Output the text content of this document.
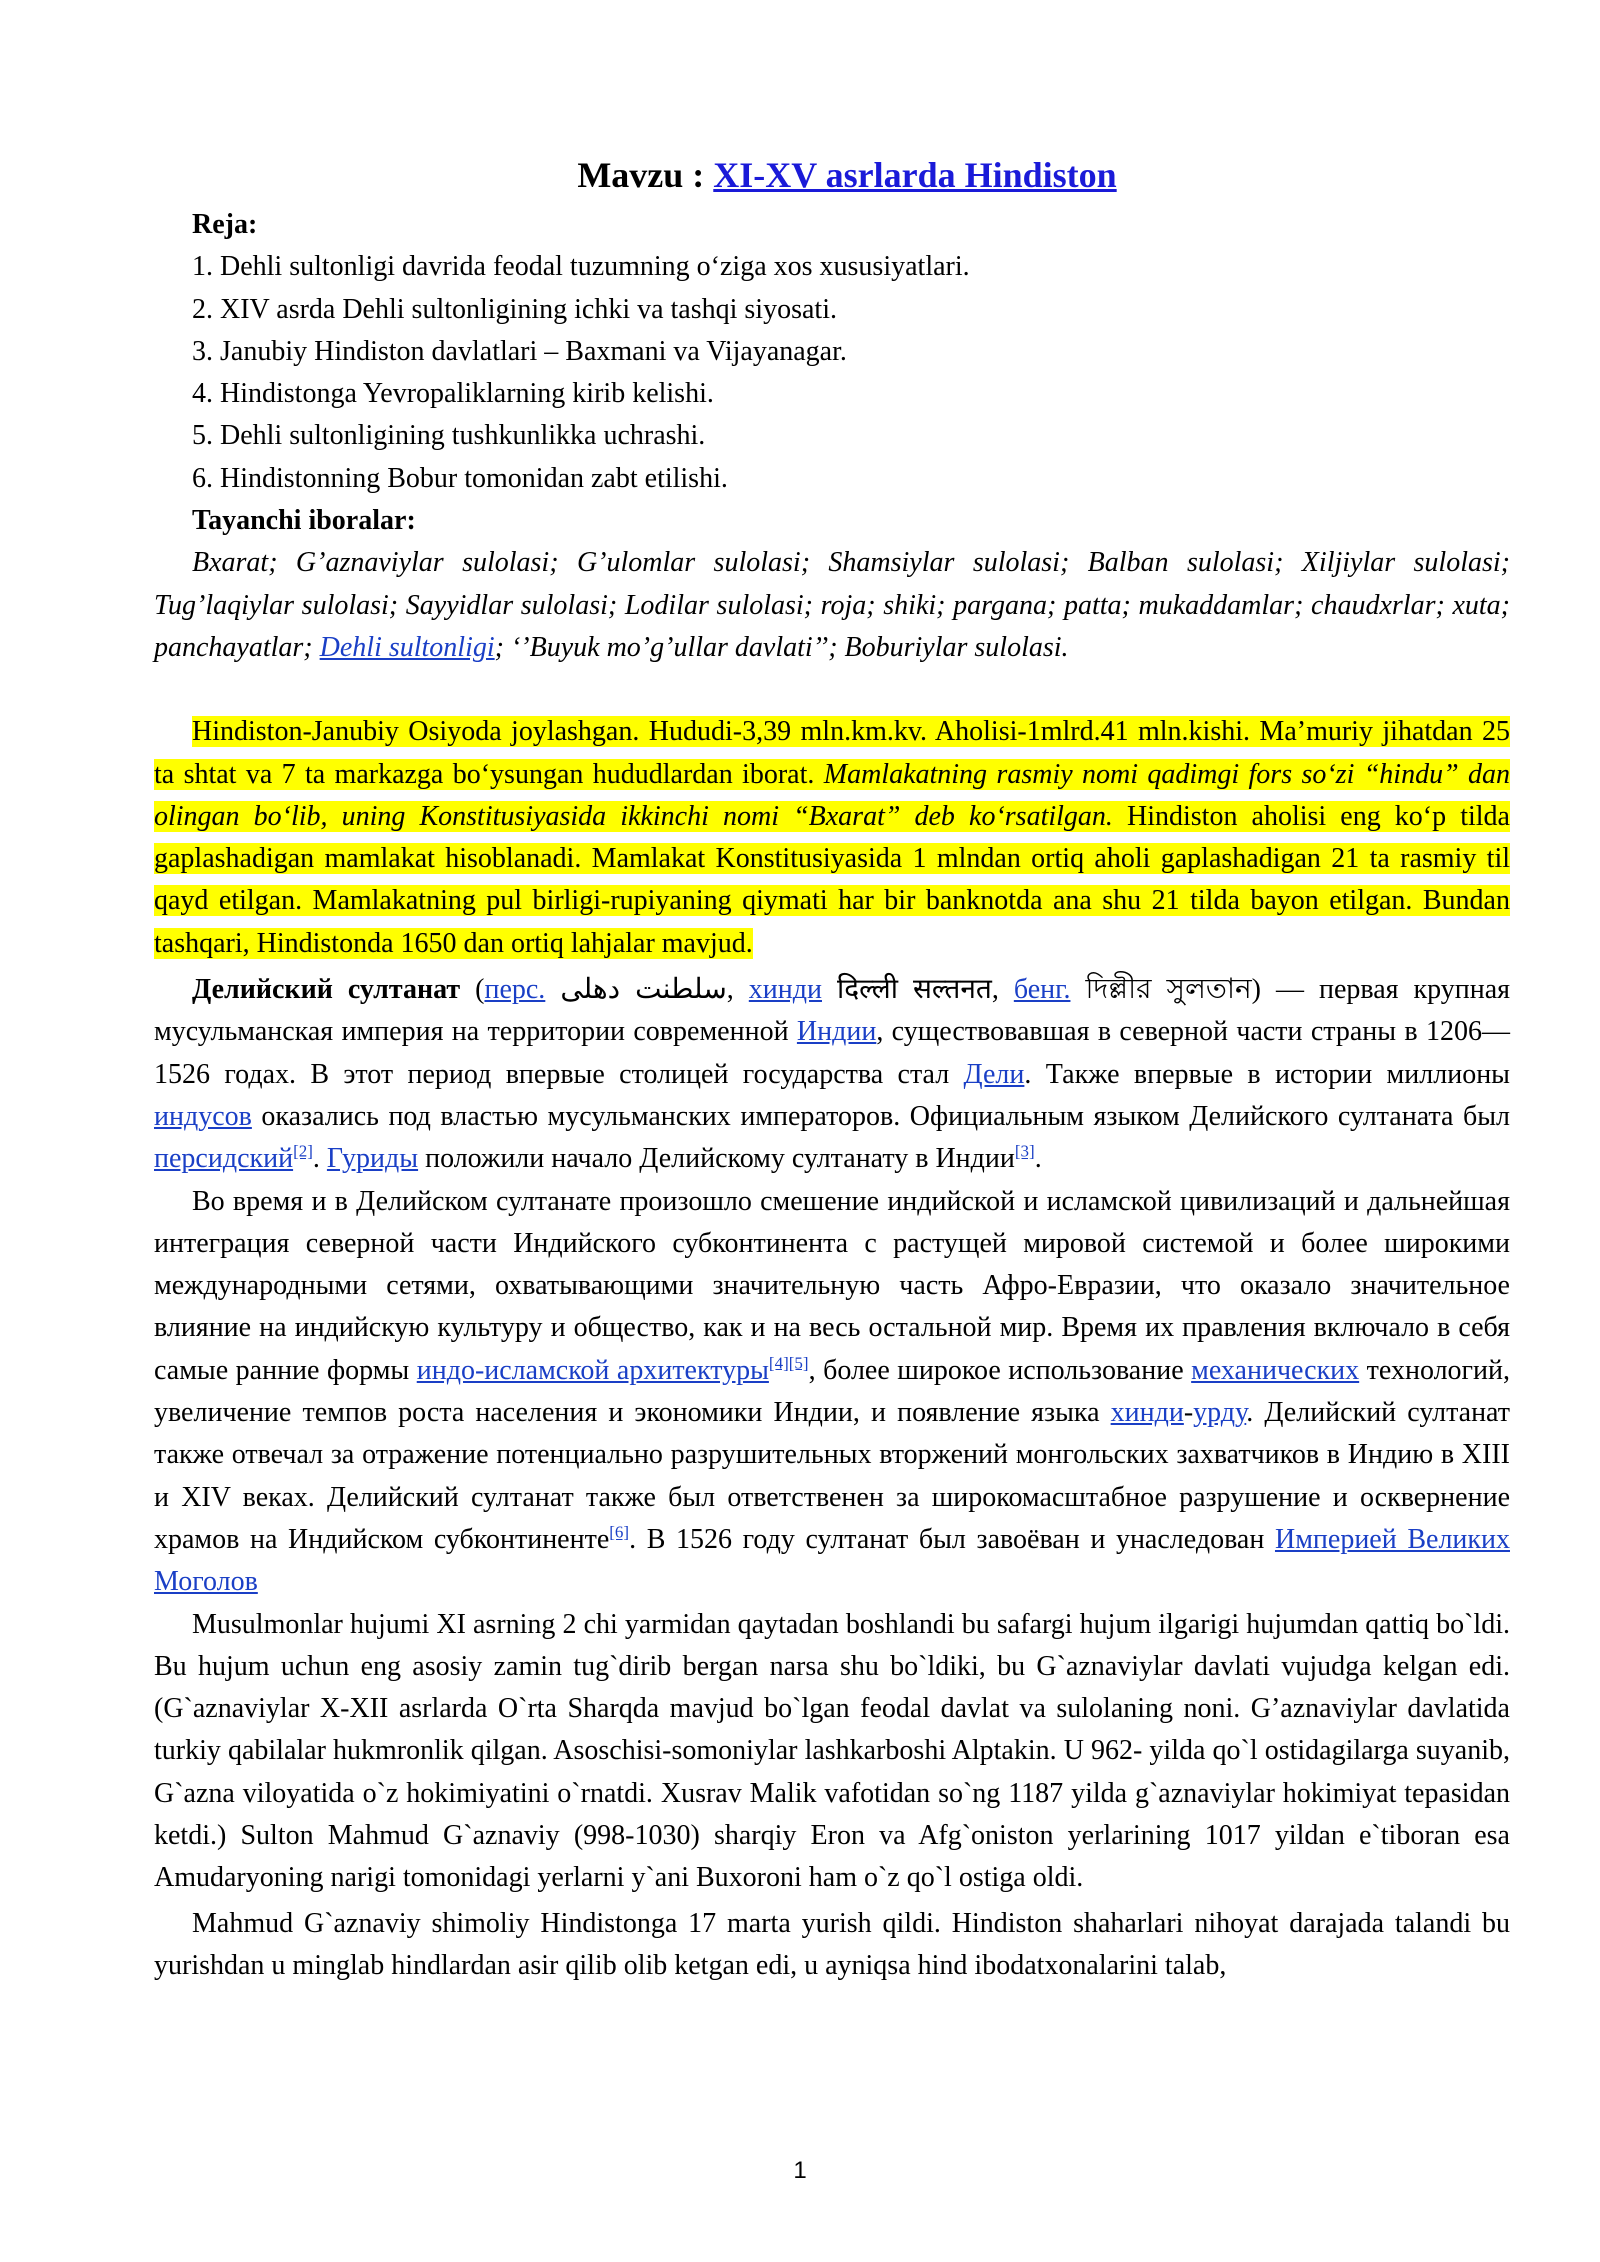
Mavzu : XI-XV asrlarda Hindiston

Reja:

1. Dehli sultonligi davrida feodal tuzumning o‘ziga xos xususiyatlari.

2. XIV asrda Dehli sultonligining ichki va tashqi siyosati.

3. Janubiy Hindiston davlatlari – Baxmani va Vijayanagar.

4. Hindistonga Yevropaliklarning kirib kelishi.

5. Dehli sultonligining tushkunlikka uchrashi.

6. Hindistonning Bobur tomonidan zabt etilishi.

Tayanchi iboralar:

Bxarat; G’aznaviylar sulolasi; G’ulomlar sulolasi; Shamsiylar sulolasi; Balban sulolasi; Xiljiylar sulolasi; Tug’laqiylar sulolasi; Sayyidlar sulolasi; Lodilar sulolasi; roja; shiki; pargana; patta; mukaddamlar; chaudxrlar; xuta; panchayatlar; Dehli sultonligi; ‘’Buyuk mo’g’ullar davlati’’; Boburiylar sulolasi.

Hindiston-Janubiy Osiyoda joylashgan. Hududi-3,39 mln.km.kv. Aholisi-1mlrd.41 mln.kishi. Ma’muriy jihatdan 25 ta shtat va 7 ta markazga bo‘ysungan hududlardan iborat. Mamlakatning rasmiy nomi qadimgi fors so‘zi “hindu” dan olingan bo‘lib, uning Konstitusiyasida ikkinchi nomi “Bxarat” deb ko‘rsatilgan. Hindiston aholisi eng ko‘p tilda gaplashadigan mamlakat hisoblanadi. Mamlakat Konstitusiyasida 1 mlndan ortiq aholi gaplashadigan 21 ta rasmiy til qayd etilgan. Mamlakatning pul birligi-rupiyaning qiymati har bir banknotda ana shu 21 tilda bayon etilgan. Bundan tashqari, Hindistonda 1650 dan ortiq lahjalar mavjud.

Делийский султанат (перс. سلطنت دهلی, хинди दिल्ली सल्तनत, бенг. দিল্লীর সুলতান) — первая крупная мусульманская империя на территории современной Индии, существовавшая в северной части страны в 1206—1526 годах. В этот период впервые столицей государства стал Дели. Также впервые в истории миллионы индусов оказались под властью мусульманских императоров. Официальным языком Делийского султаната был персидский[2]. Гуриды положили начало Делийскому султанату в Индии[3].

Во время и в Делийском султанате произошло смешение индийской и исламской цивилизаций и дальнейшая интеграция северной части Индийского субконтинента с растущей мировой системой и более широкими международными сетями, охватывающими значительную часть Афро-Евразии, что оказало значительное влияние на индийскую культуру и общество, как и на весь остальной мир. Время их правления включало в себя самые ранние формы индо-исламской архитектуры[4][5], более широкое использование механических технологий, увеличение темпов роста населения и экономики Индии, и появление языка хинди-урду. Делийский султанат также отвечал за отражение потенциально разрушительных вторжений монгольских захватчиков в Индию в XIII и XIV веках. Делийский султанат также был ответственен за широкомасштабное разрушение и осквернение храмов на Индийском субконтиненте[6]. В 1526 году султанат был завоёван и унаследован Империей Великих Моголов

Musulmonlar hujumi XI asrning 2 chi yarmidan qaytadan boshlandi bu safargi hujum ilgarigi hujumdan qattiq bo`ldi. Bu hujum uchun eng asosiy zamin tug`dirib bergan narsa shu bo`ldiki, bu G`aznaviylar davlati vujudga kelgan edi. (G`aznaviylar X-XII asrlarda O`rta Sharqda mavjud bo`lgan feodal davlat va sulolaning noni. G’aznaviylar davlatida turkiy qabilalar hukmronlik qilgan. Asoschisi-somoniylar lashkarboshi Alptakin. U 962- yilda qo`l ostidagilarga suyanib, G`azna viloyatida o`z hokimiyatini o`rnatdi. Xusrav Malik vafotidan so`ng 1187 yilda g`aznaviylar hokimiyat tepasidan ketdi.) Sulton Mahmud G`aznaviy (998-1030) sharqiy Eron va Afg`oniston yerlarining 1017 yildan e`tiboran esa Amudaryoning narigi tomonidagi yerlarni y`ani Buxoroni ham o`z qo`l ostiga oldi.

Mahmud G`aznaviy shimoliy Hindistonga 17 marta yurish qildi. Hindiston shaharlari nihoyat darajada talandi bu yurishdan u minglab hindlardan asir qilib olib ketgan edi, u ayniqsa hind ibodatxonalarini talab,

1
